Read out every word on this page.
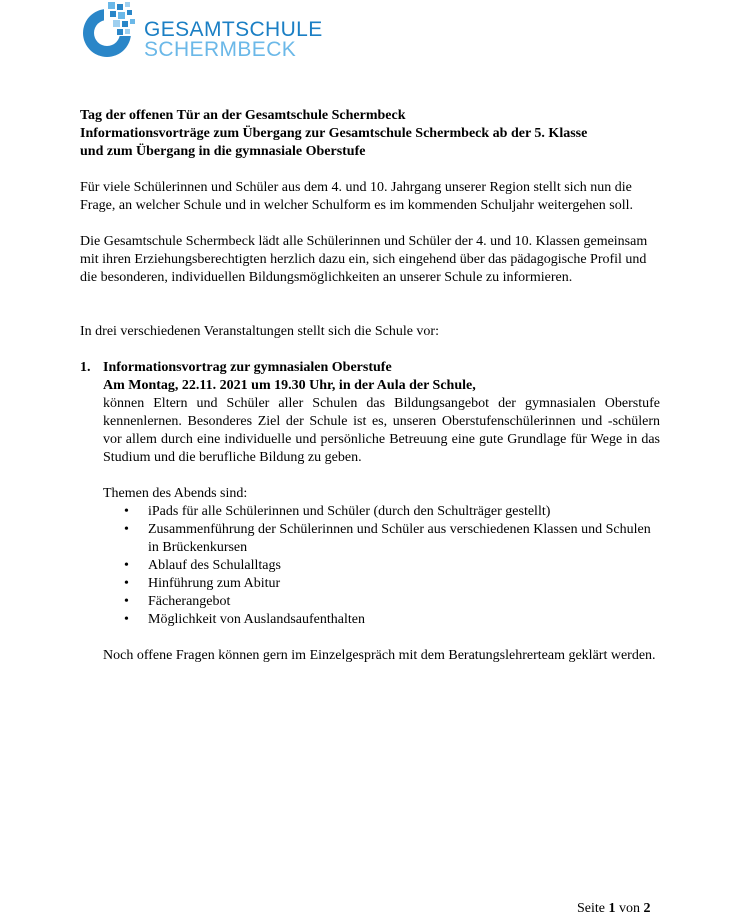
GESAMTSCHULE
SCHERMBECK

Tag der offenen Tür an der Gesamtschule Schermbeck

Informationsvorträge zum Übergang zur Gesamtschule Schermbeck ab der 5. Klasse

und zum Übergang in die gymnasiale Oberstufe

Für viele Schülerinnen und Schüler aus dem 4. und 10. Jahrgang unserer Region stellt sich nun die Frage, an welcher Schule und in welcher Schulform es im kommenden Schuljahr weitergehen soll.

Die Gesamtschule Schermbeck lädt alle Schülerinnen und Schüler der 4. und 10. Klassen gemeinsam mit ihren Erziehungsberechtigten herzlich dazu ein, sich eingehend über das pädagogische Profil und die besonderen, individuellen Bildungsmöglichkeiten an unserer Schule zu informieren.

In drei verschiedenen Veranstaltungen stellt sich die Schule vor:

1. Informationsvortrag zur gymnasialen Oberstufe

Am Montag, 22.11. 2021 um 19.30 Uhr, in der Aula der Schule,

können Eltern und Schüler aller Schulen das Bildungsangebot der gymnasialen Oberstufe kennenlernen. Besonderes Ziel der Schule ist es, unseren Oberstufenschülerinnen und -schülern vor allem durch eine individuelle und persönliche Betreuung eine gute Grundlage für Wege in das Studium und die berufliche Bildung zu geben.

Themen des Abends sind:

• iPads für alle Schülerinnen und Schüler (durch den Schulträger gestellt)
• Zusammenführung der Schülerinnen und Schüler aus verschiedenen Klassen und Schulen in Brückenkursen
• Ablauf des Schulalltags
• Hinführung zum Abitur
• Fächerangebot
• Möglichkeit von Auslandsaufenthalten

Noch offene Fragen können gern im Einzelgespräch mit dem Beratungslehrerteam geklärt werden.

Seite 1 von 2
